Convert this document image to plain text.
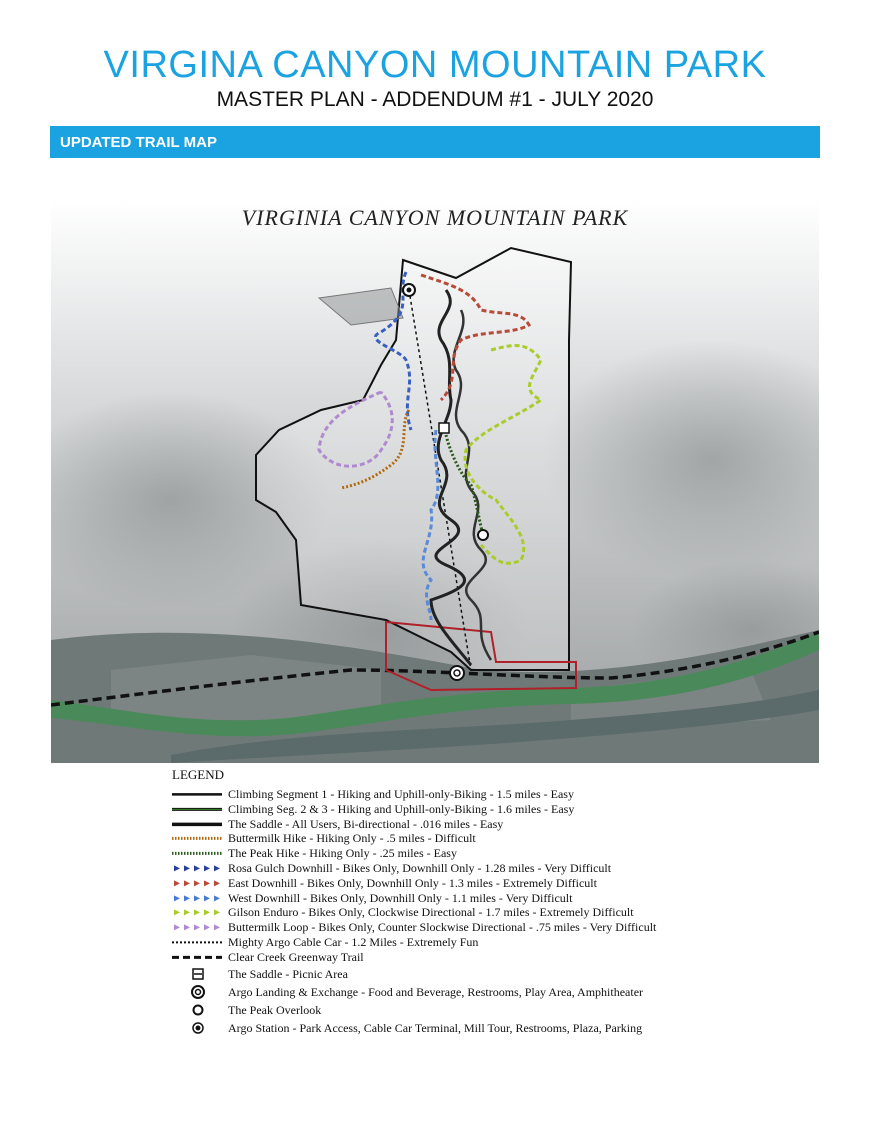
VIRGINA CANYON MOUNTAIN PARK
MASTER PLAN - ADDENDUM #1 - JULY 2020
UPDATED TRAIL MAP
VIRGINIA CANYON MOUNTAIN PARK
LEGEND
Climbing Segment 1 - Hiking and Uphill-only-Biking - 1.5 miles - Easy
Climbing Seg. 2 & 3 - Hiking and Uphill-only-Biking - 1.6 miles - Easy
The Saddle - All Users, Bi-directional - .016 miles - Easy
Buttermilk Hike - Hiking Only - .5 miles - Difficult
The Peak Hike - Hiking Only - .25 miles - Easy
Rosa Gulch Downhill - Bikes Only, Downhill Only - 1.28 miles - Very Difficult
East Downhill - Bikes Only, Downhill Only - 1.3 miles - Extremely Difficult
West Downhill - Bikes Only, Downhill Only - 1.1 miles - Very Difficult
Gilson Enduro - Bikes Only, Clockwise Directional - 1.7 miles - Extremely Difficult
Buttermilk Loop - Bikes Only, Counter Slockwise Directional - .75 miles - Very Difficult
Mighty Argo Cable Car - 1.2 Miles - Extremely Fun
Clear Creek Greenway Trail
The Saddle - Picnic Area
Argo Landing & Exchange - Food and Beverage, Restrooms, Play Area, Amphitheater
The Peak Overlook
Argo Station - Park Access, Cable Car Terminal, Mill Tour, Restrooms, Plaza, Parking
